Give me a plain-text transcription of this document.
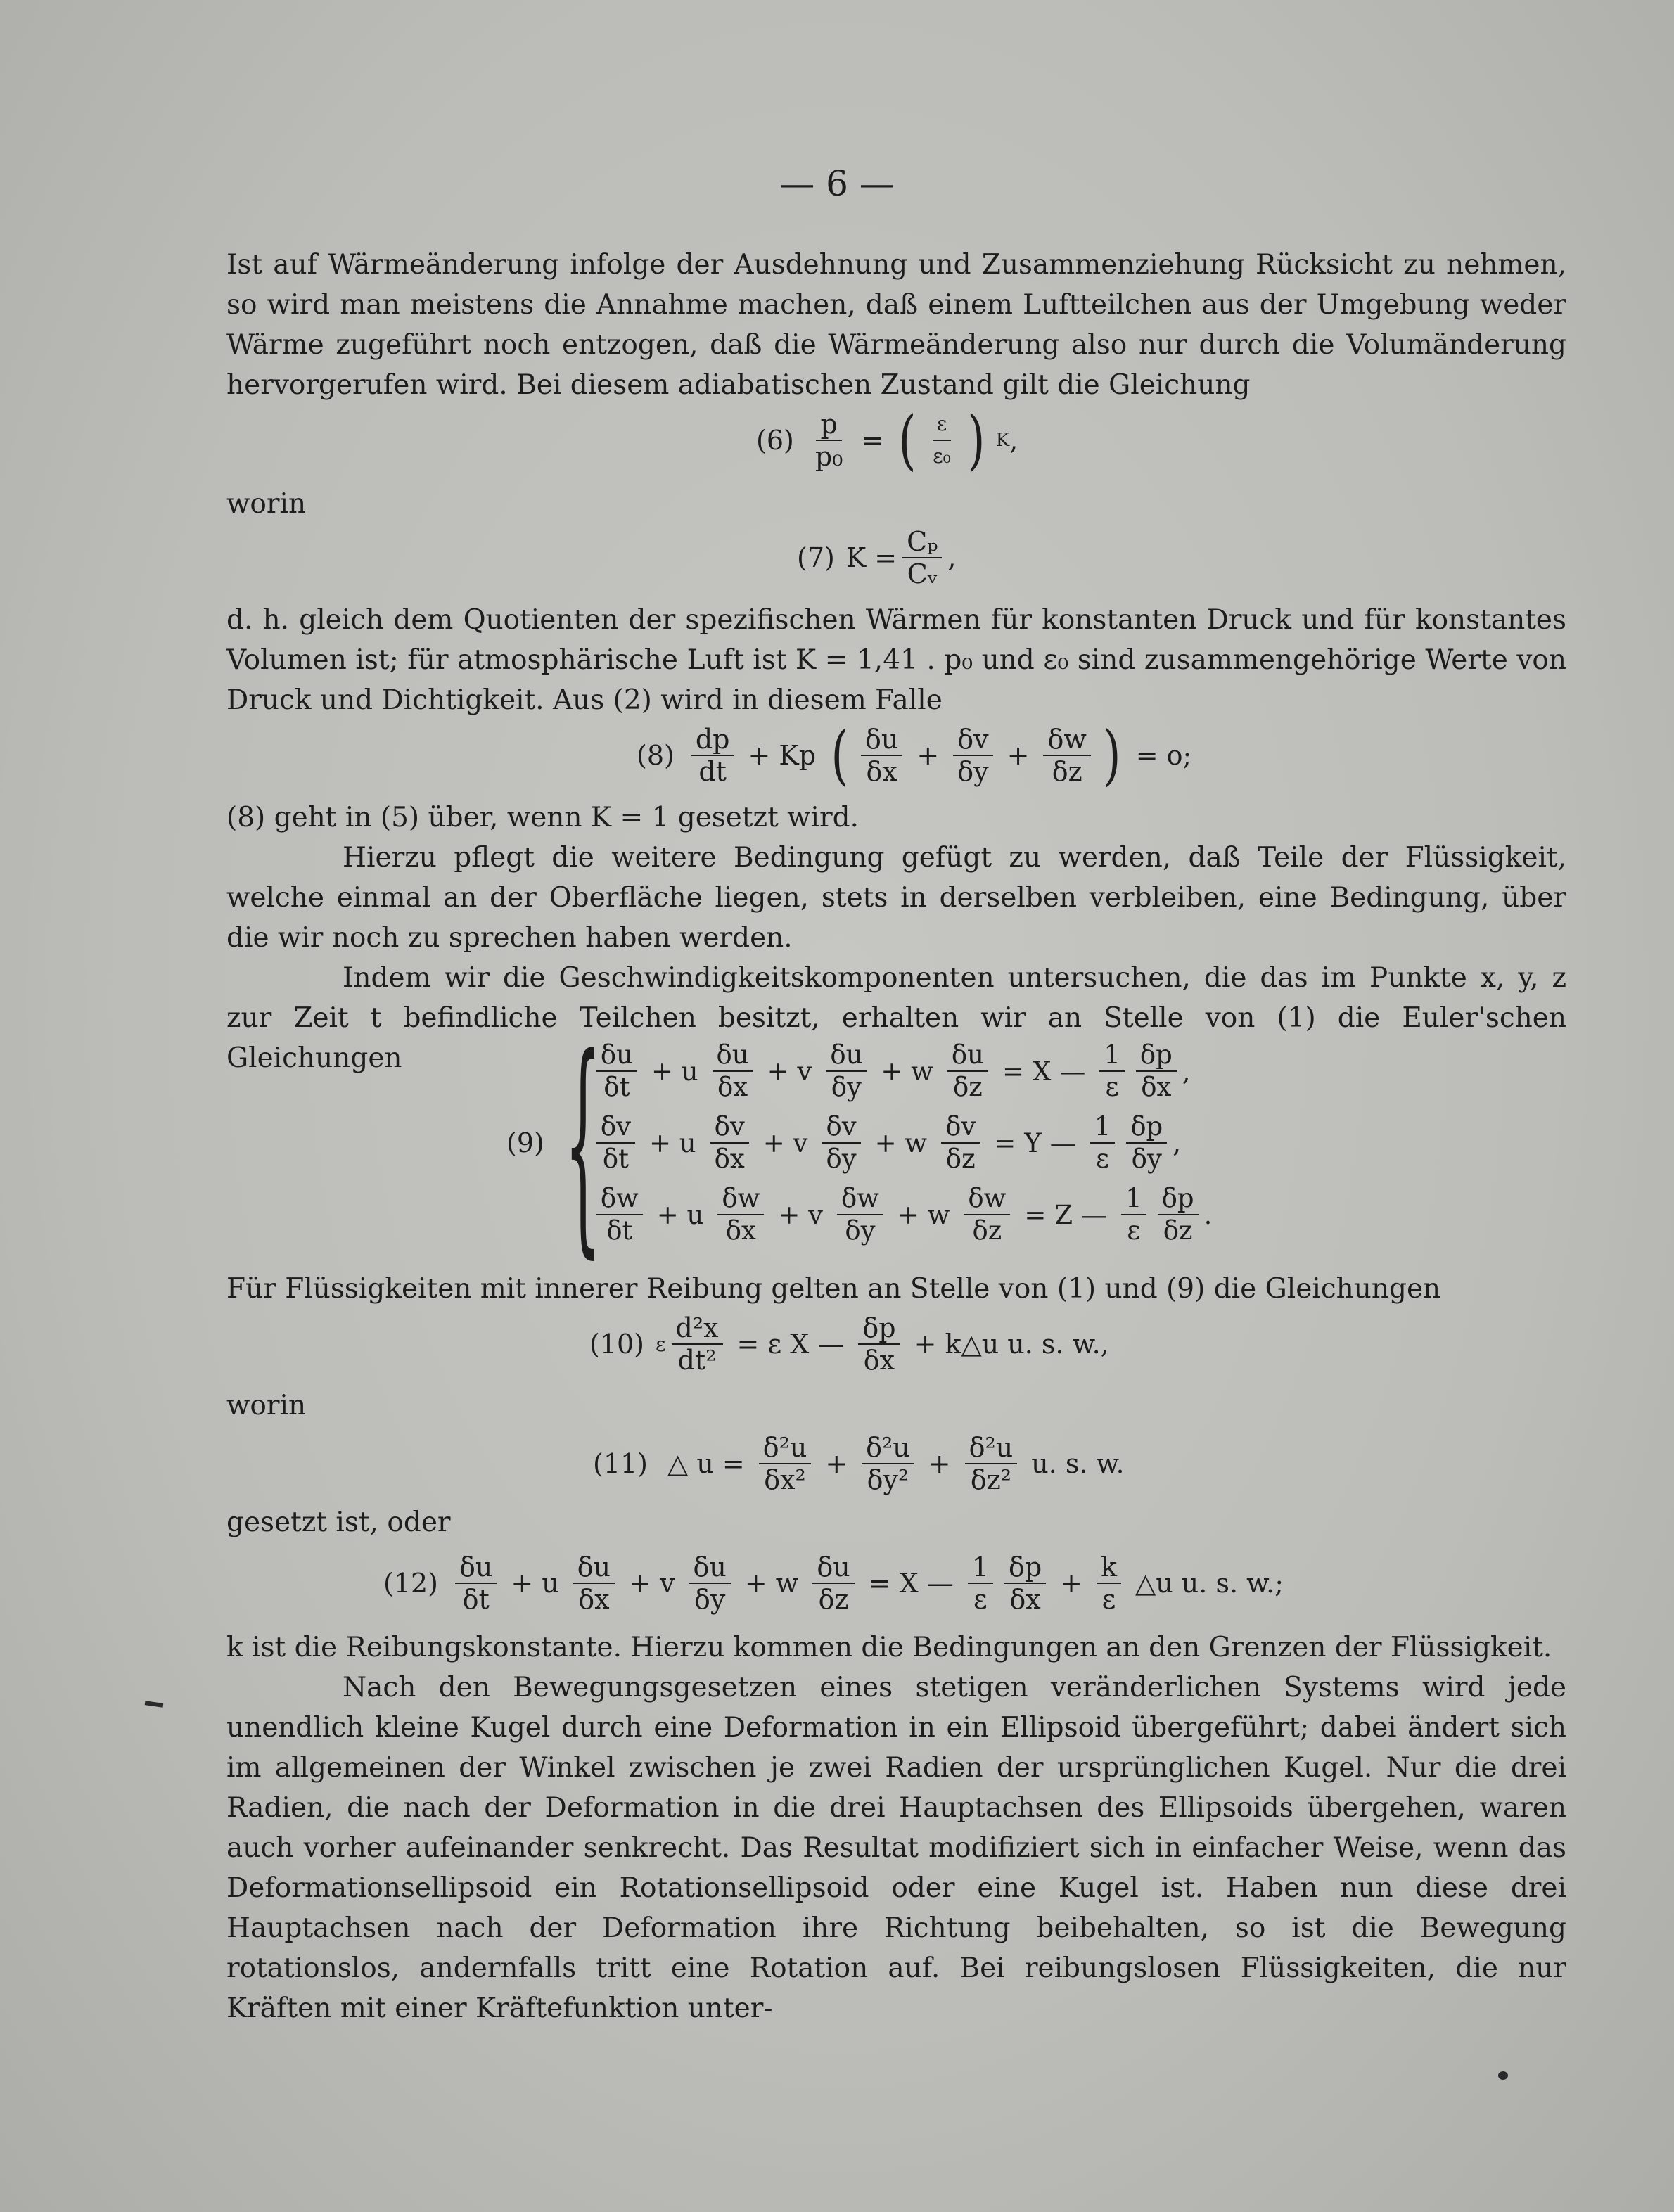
— 6 —

Ist auf Wärmeänderung infolge der Ausdehnung und Zusammenziehung Rücksicht zu nehmen, so wird man meistens die Annahme machen, daß einem Luftteilchen aus der Umgebung weder Wärme zugeführt noch entzogen, daß die Wärmeänderung also nur durch die Volumänderung hervorgerufen wird. Bei diesem adiabatischen Zustand gilt die Gleichung

$(6) \frac{p}{\text{p₀}}$ = ( $\frac{\varepsilon}{\text{ε₀}}$ ) K ,
worin
(7) $K = \frac{\text{Cₚ}}{\text{Cᵥ}}$ ,

d. h. gleich dem Quotienten der spezifischen Wärmen für konstanten Druck und für konstantes Volumen ist; für atmosphärische Luft ist K = 1,41 . p₀ und ε₀ sind zusammengehörige Werte von Druck und Dichtigkeit. Aus (2) wird in diesem Falle

$(8) \frac{dp}{dt} + Kp$ ( $\frac{\delta u}{\delta x} + \frac{\delta v}{\delta y} + \frac{\delta w}{\delta z}$ ) = o;

(8) geht in (5) über, wenn K = 1 gesetzt wird.

Hierzu pflegt die weitere Bedingung gefügt zu werden, daß Teile der Flüssigkeit, welche einmal an der Oberfläche liegen, stets in derselben verbleiben, eine Bedingung, über die wir noch zu sprechen haben werden.

Indem wir die Geschwindigkeitskomponenten untersuchen, die das im Punkte x, y, z zur Zeit t befindliche Teilchen besitzt, erhalten wir an Stelle von (1) die Euler'schen Gleichungen

(9) {
$\frac{\delta u}{\delta t} + u \frac{\delta u}{\delta x} + v \frac{\delta u}{\delta y} + w \frac{\delta u}{\delta z} = X$ — $\frac{1}{\varepsilon} \frac{\delta p}{\delta x}$ ,
$\frac{\delta v}{\delta t} + u \frac{\delta v}{\delta x} + v \frac{\delta v}{\delta y} + w \frac{\delta v}{\delta z} = Y$ — $\frac{1}{\varepsilon} \frac{\delta p}{\delta y}$ ,
$\frac{\delta w}{\delta t} + u \frac{\delta w}{\delta x} + v \frac{\delta w}{\delta y} + w \frac{\delta w}{\delta z} = Z$ — $\frac{1}{\varepsilon} \frac{\delta p}{\delta z}$ .

Für Flüssigkeiten mit innerer Reibung gelten an Stelle von (1) und (9) die Gleichungen

(10) ε $\frac{\text{d²x}}{\text{dt²}} = \varepsilon$ X — $\frac{\delta p}{\delta x}$ + k△u u. s. w.,
worin
(11) △ $u = \frac{\text{δ²u}}{\text{δx²}} + \frac{\text{δ²u}}{\text{δy²}} + \frac{\text{δ²u}}{\text{δz²}} u$. s. w.
gesetzt ist, oder
$(12) \frac{\delta u}{\delta t} + u \frac{\delta u}{\delta x} + v \frac{\delta u}{\delta y} + w \frac{\delta u}{\delta z} = X$ — $\frac{1}{\varepsilon} \frac{\delta p}{\delta x} + \frac{k}{\varepsilon}$ △u u. s. w.;

k ist die Reibungskonstante. Hierzu kommen die Bedingungen an den Grenzen der Flüssigkeit.

Nach den Bewegungsgesetzen eines stetigen veränderlichen Systems wird jede unendlich kleine Kugel durch eine Deformation in ein Ellipsoid übergeführt; dabei ändert sich im allgemeinen der Winkel zwischen je zwei Radien der ursprünglichen Kugel. Nur die drei Radien, die nach der Deformation in die drei Hauptachsen des Ellipsoids übergehen, waren auch vorher aufeinander senkrecht. Das Resultat modifiziert sich in einfacher Weise, wenn das Deformationsellipsoid ein Rotationsellipsoid oder eine Kugel ist. Haben nun diese drei Hauptachsen nach der Deformation ihre Richtung beibehalten, so ist die Bewegung rotationslos, andernfalls tritt eine Rotation auf. Bei reibungslosen Flüssigkeiten, die nur Kräften mit einer Kräftefunktion unter-
